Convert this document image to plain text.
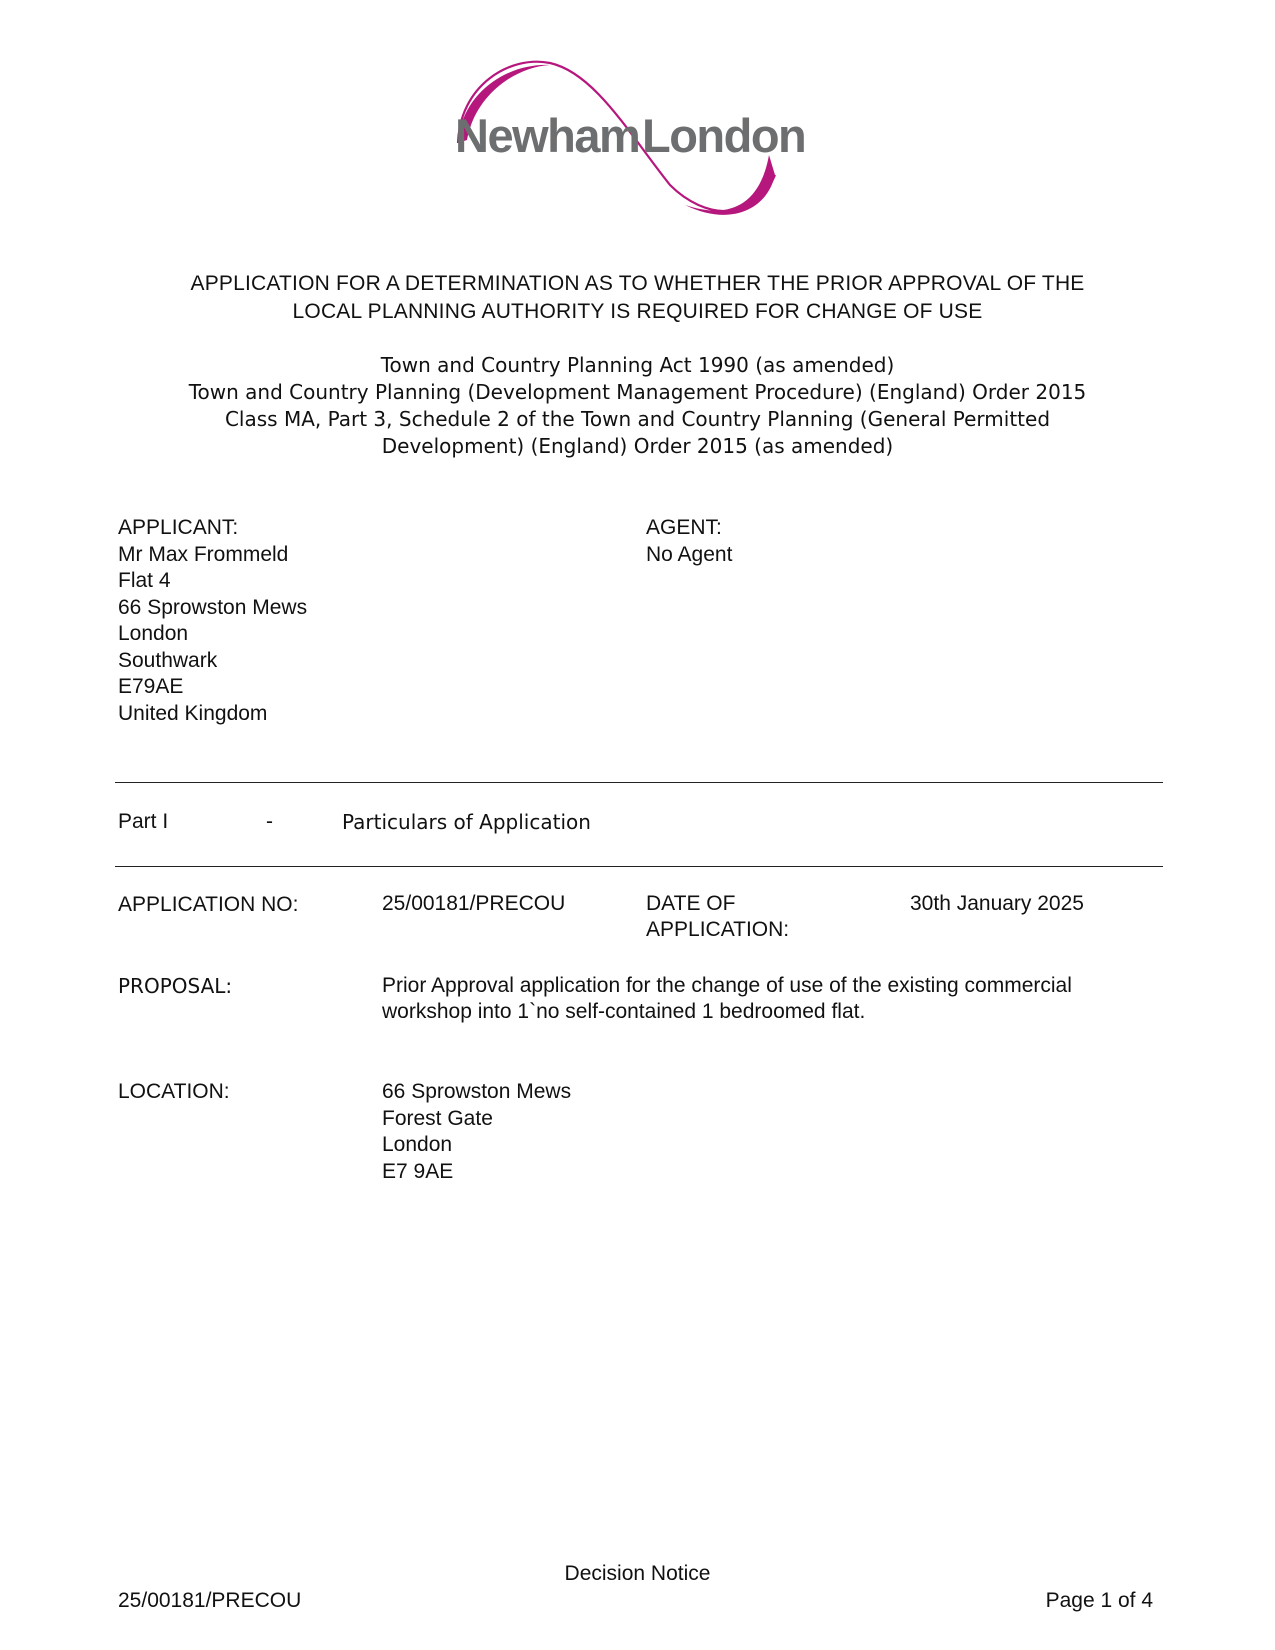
Newham London
APPLICATION FOR A DETERMINATION AS TO WHETHER THE PRIOR APPROVAL OF THE
LOCAL PLANNING AUTHORITY IS REQUIRED FOR CHANGE OF USE
Town and Country Planning Act 1990 (as amended)
Town and Country Planning (Development Management Procedure) (England) Order 2015
Class MA, Part 3, Schedule 2 of the Town and Country Planning (General Permitted
Development) (England) Order 2015 (as amended)
APPLICANT:
Mr Max Frommeld
Flat 4
66 Sprowston Mews
London
Southwark
E79AE
United Kingdom
AGENT:
No Agent
Part I	-	Particulars of Application
APPLICATION NO:	25/00181/PRECOU	DATE OF
APPLICATION:
30th January 2025
PROPOSAL:	Prior Approval application for the change of use of the existing commercial
workshop into 1`no self-contained 1 bedroomed flat.
LOCATION:	66 Sprowston Mews
Forest Gate
London
E7 9AE
Decision Notice
25/00181/PRECOU	Page 1 of 4
